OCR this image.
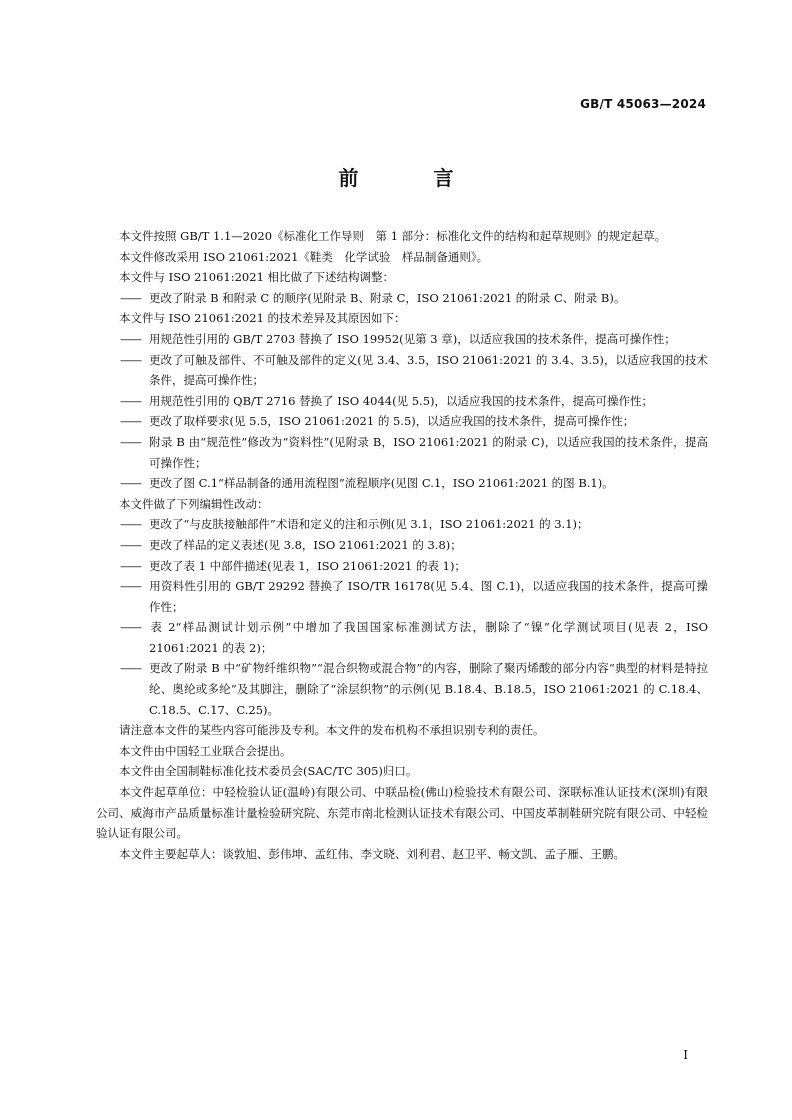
GB/T 45063—2024
前 言

本文件按照 GB/T 1.1—2020《标准化工作导则　第 1 部分：标准化文件的结构和起草规则》的规定起草。

本文件修改采用 ISO 21061:2021《鞋类　化学试验　样品制备通则》。

本文件与 ISO 21061:2021 相比做了下述结构调整：

—— 更改了附录 B 和附录 C 的顺序(见附录 B、附录 C，ISO 21061:2021 的附录 C、附录 B)。

本文件与 ISO 21061:2021 的技术差异及其原因如下：

—— 用规范性引用的 GB/T 2703 替换了 ISO 19952(见第 3 章)，以适应我国的技术条件，提高可操作性；

—— 更改了可触及部件、不可触及部件的定义(见 3.4、3.5，ISO 21061:2021 的 3.4、3.5)，以适应我国的技术条件，提高可操作性；

—— 用规范性引用的 QB/T 2716 替换了 ISO 4044(见 5.5)，以适应我国的技术条件，提高可操作性；

—— 更改了取样要求(见 5.5，ISO 21061:2021 的 5.5)，以适应我国的技术条件，提高可操作性；

—— 附录 B 由“规范性”修改为“资料性”(见附录 B，ISO 21061:2021 的附录 C)，以适应我国的技术条件，提高可操作性；

—— 更改了图 C.1“样品制备的通用流程图”流程顺序(见图 C.1，ISO 21061:2021 的图 B.1)。

本文件做了下列编辑性改动：

—— 更改了“与皮肤接触部件”术语和定义的注和示例(见 3.1，ISO 21061:2021 的 3.1)；

—— 更改了样品的定义表述(见 3.8，ISO 21061:2021 的 3.8)；

—— 更改了表 1 中部件描述(见表 1，ISO 21061:2021 的表 1)；

—— 用资料性引用的 GB/T 29292 替换了 ISO/TR 16178(见 5.4、图 C.1)，以适应我国的技术条件，提高可操作性；

—— 表 2“样品测试计划示例”中增加了我国国家标准测试方法，删除了“镍”化学测试项目(见表 2，ISO 21061:2021 的表 2)；

—— 更改了附录 B 中“矿物纤维织物”“混合织物或混合物”的内容，删除了聚丙烯酸的部分内容“典型的材料是特拉纶、奥纶或多纶”及其脚注，删除了“涂层织物”的示例(见 B.18.4、B.18.5，ISO 21061:2021 的 C.18.4、C.18.5、C.17、C.25)。

请注意本文件的某些内容可能涉及专利。本文件的发布机构不承担识别专利的责任。

本文件由中国轻工业联合会提出。

本文件由全国制鞋标准化技术委员会(SAC/TC 305)归口。

本文件起草单位：中轻检验认证(温岭)有限公司、中联品检(佛山)检验技术有限公司、深联标准认证技术(深圳)有限公司、威海市产品质量标准计量检验研究院、东莞市南北检测认证技术有限公司、中国皮革制鞋研究院有限公司、中轻检验认证有限公司。

本文件主要起草人：谈敦旭、彭伟坤、孟红伟、李文晓、刘利君、赵卫平、畅文凯、孟子雁、王鹏。

I
